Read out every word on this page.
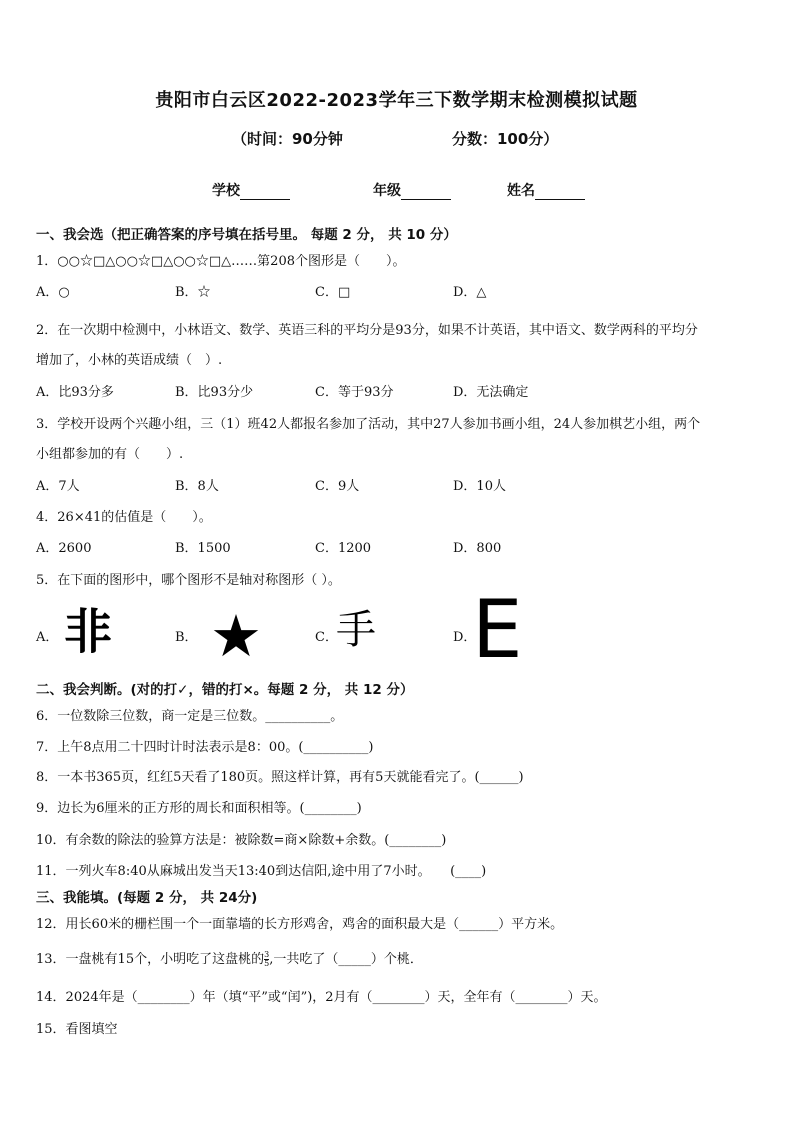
贵阳市白云区2022-2023学年三下数学期末检测模拟试题
（时间：90分钟	分数：100分）
学校	年级	姓名
一、我会选（把正确答案的序号填在括号里。 每题 2 分， 共 10 分）
1．○○☆□△○○☆□△○○☆□△……第208个图形是（　　）。
A．○	B．☆	C．□	D．△
2．在一次期中检测中，小林语文、数学、英语三科的平均分是93分，如果不计英语，其中语文、数学两科的平均分
增加了，小林的英语成绩（　）.
A．比93分多	B．比93分少	C．等于93分	D．无法确定
3．学校开设两个兴趣小组，三（1）班42人都报名参加了活动，其中27人参加书画小组，24人参加棋艺小组，两个
小组都参加的有（　　）.
A．7人	B．8人	C．9人	D．10人
4．26×41的估值是（　　）。
A．2600	B．1500	C．1200	D．800
5．在下面的图形中，哪个图形不是轴对称图形（ ）。
A． 非	B． ★	C．
手	D．
E
二、我会判断。(对的打✓，错的打×。每题 2 分， 共 12 分）
6．一位数除三位数，商一定是三位数。__________。
7．上午8点用二十四时计时法表示是8：00。(__________)
8．一本书365页，红红5天看了180页。照这样计算，再有5天就能看完了。(______)
9．边长为6厘米的正方形的周长和面积相等。(________)
10．有余数的除法的验算方法是：被除数=商×除数+余数。(________)
11．一列火车8:40从麻城出发当天13:40到达信阳,途中用了7小时。　　(____)
三、我能填。(每题 2 分， 共 24分)
12．用长60米的栅栏围一个一面靠墙的长方形鸡舍，鸡舍的面积最大是（______）平方米。
13．一盘桃有15个，小明吃了这盘桃的 $\frac{3}{5}$ ,一共吃了（_____）个桃．
14．2024年是（________）年（填“平”或“闰”)，2月有（________）天，全年有（________）天。
15．看图填空
